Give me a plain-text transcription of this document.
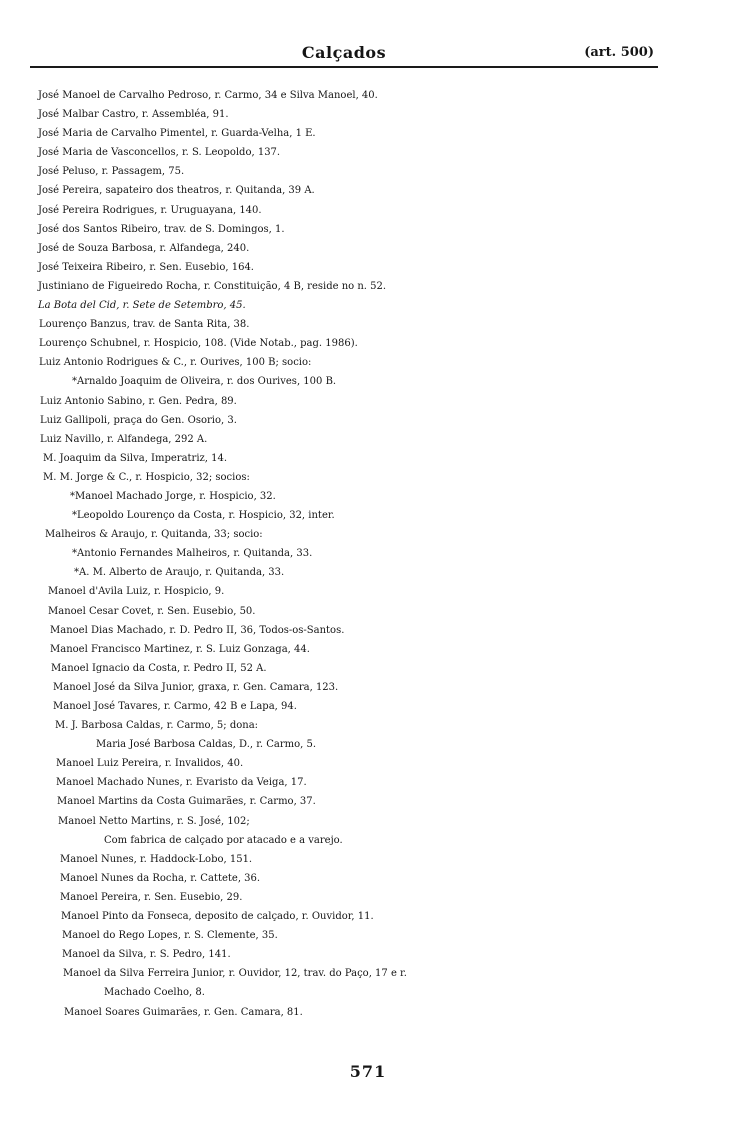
Calçados	(art. 500)
José Manoel de Carvalho Pedroso, r. Carmo, 34 e Silva Manoel, 40.
José Malbar Castro, r. Assembléa, 91.
José Maria de Carvalho Pimentel, r. Guarda-Velha, 1 E.
José Maria de Vasconcellos, r. S. Leopoldo, 137.
José Peluso, r. Passagem, 75.
José Pereira, sapateiro dos theatros, r. Quitanda, 39 A.
José Pereira Rodrigues, r. Uruguayana, 140.
José dos Santos Ribeiro, trav. de S. Domingos, 1.
José de Souza Barbosa, r. Alfandega, 240.
José Teixeira Ribeiro, r. Sen. Eusebio, 164.
Justiniano de Figueiredo Rocha, r. Constituição, 4 B, reside no n. 52.
La Bota del Cid, r. Sete de Setembro, 45.
Lourenço Banzus, trav. de Santa Rita, 38.
Lourenço Schubnel, r. Hospicio, 108. (Vide Notab., pag. 1986).
Luiz Antonio Rodrigues & C., r. Ourives, 100 B; socio:
*Arnaldo Joaquim de Oliveira, r. dos Ourives, 100 B.
Luiz Antonio Sabino, r. Gen. Pedra, 89.
Luiz Gallipoli, praça do Gen. Osorio, 3.
Luiz Navillo, r. Alfandega, 292 A.
M. Joaquim da Silva, Imperatriz, 14.
M. M. Jorge & C., r. Hospicio, 32; socios:
*Manoel Machado Jorge, r. Hospicio, 32.
*Leopoldo Lourenço da Costa, r. Hospicio, 32, inter.
Malheiros & Araujo, r. Quitanda, 33; socio:
*Antonio Fernandes Malheiros, r. Quitanda, 33.
*A. M. Alberto de Araujo, r. Quitanda, 33.
Manoel d'Avila Luiz, r. Hospicio, 9.
Manoel Cesar Covet, r. Sen. Eusebio, 50.
Manoel Dias Machado, r. D. Pedro II, 36, Todos-os-Santos.
Manoel Francisco Martinez, r. S. Luiz Gonzaga, 44.
Manoel Ignacio da Costa, r. Pedro II, 52 A.
Manoel José da Silva Junior, graxa, r. Gen. Camara, 123.
Manoel José Tavares, r. Carmo, 42 B e Lapa, 94.
M. J. Barbosa Caldas, r. Carmo, 5; dona:
Maria José Barbosa Caldas, D., r. Carmo, 5.
Manoel Luiz Pereira, r. Invalidos, 40.
Manoel Machado Nunes, r. Evaristo da Veiga, 17.
Manoel Martins da Costa Guimarães, r. Carmo, 37.
Manoel Netto Martins, r. S. José, 102;
Com fabrica de calçado por atacado e a varejo.
Manoel Nunes, r. Haddock-Lobo, 151.
Manoel Nunes da Rocha, r. Cattete, 36.
Manoel Pereira, r. Sen. Eusebio, 29.
Manoel Pinto da Fonseca, deposito de calçado, r. Ouvidor, 11.
Manoel do Rego Lopes, r. S. Clemente, 35.
Manoel da Silva, r. S. Pedro, 141.
Manoel da Silva Ferreira Junior, r. Ouvidor, 12, trav. do Paço, 17 e r.
Machado Coelho, 8.
Manoel Soares Guimarães, r. Gen. Camara, 81.
571
